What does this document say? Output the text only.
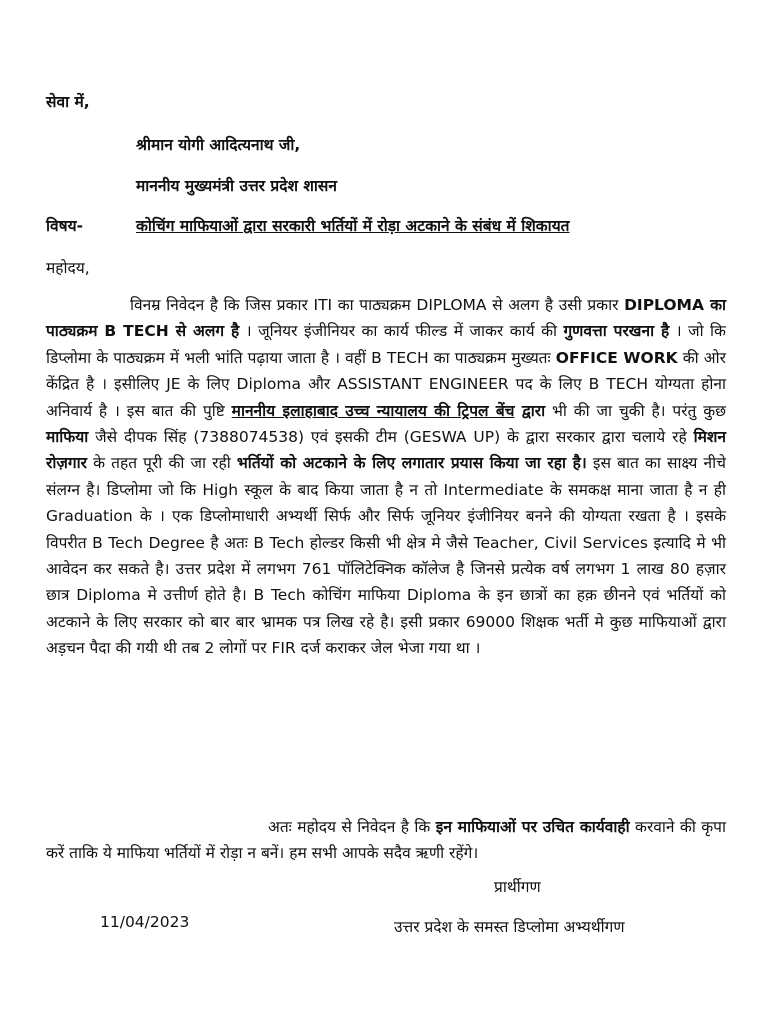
सेवा में,
श्रीमान योगी आदित्यनाथ जी,
माननीय मुख्यमंत्री उत्तर प्रदेश शासन
विषय-	कोचिंग माफियाओं द्वारा सरकारी भर्तियों में रोड़ा अटकाने के संबंध में शिकायत
महोदय,
विनम्र निवेदन है कि जिस प्रकार ITI का पाठ्यक्रम DIPLOMA से अलग है उसी प्रकार DIPLOMA का पाठ्यक्रम B TECH से अलग है । जूनियर इंजीनियर का कार्य फील्ड में जाकर कार्य की गुणवत्ता परखना है । जो कि डिप्लोमा के पाठ्यक्रम में भली भांति पढ़ाया जाता है । वहीं B TECH का पाठ्यक्रम मुख्यतः OFFICE WORK की ओर केंद्रित है । इसीलिए JE के लिए Diploma और ASSISTANT ENGINEER पद के लिए B TECH योग्यता होना अनिवार्य है । इस बात की पुष्टि माननीय इलाहाबाद उच्च न्यायालय की ट्रिपल बेंच द्वारा भी की जा चुकी है। परंतु कुछ माफिया जैसे दीपक सिंह (7388074538) एवं इसकी टीम (GESWA UP) के द्वारा सरकार द्वारा चलाये रहे मिशन रोज़गार के तहत पूरी की जा रही भर्तियों को अटकाने के लिए लगातार प्रयास किया जा रहा है। इस बात का साक्ष्य नीचे संलग्न है। डिप्लोमा जो कि High स्कूल के बाद किया जाता है न तो Intermediate के समकक्ष माना जाता है न ही Graduation के । एक डिप्लोमाधारी अभ्यर्थी सिर्फ और सिर्फ जूनियर इंजीनियर बनने की योग्यता रखता है । इसके विपरीत B Tech Degree है अतः B Tech होल्डर किसी भी क्षेत्र मे जैसे Teacher, Civil Services इत्यादि मे भी आवेदन कर सकते है। उत्तर प्रदेश में लगभग 761 पॉलिटेक्निक कॉलेज है जिनसे प्रत्येक वर्ष लगभग 1 लाख 80 हज़ार छात्र Diploma मे उत्तीर्ण होते है। B Tech कोचिंग माफिया Diploma के इन छात्रों का हक़ छीनने एवं भर्तियों को अटकाने के लिए सरकार को बार बार भ्रामक पत्र लिख रहे है। इसी प्रकार 69000 शिक्षक भर्ती मे कुछ माफियाओं द्वारा अड़चन पैदा की गयी थी तब 2 लोगों पर FIR दर्ज कराकर जेल भेजा गया था ।
अतः महोदय से निवेदन है कि इन माफियाओं पर उचित कार्यवाही करवाने की कृपा करें ताकि ये माफिया भर्तियों में रोड़ा न बनें। हम सभी आपके सदैव ऋणी रहेंगे।
प्रार्थीगण
11/04/2023	उत्तर प्रदेश के समस्त डिप्लोमा अभ्यर्थीगण
